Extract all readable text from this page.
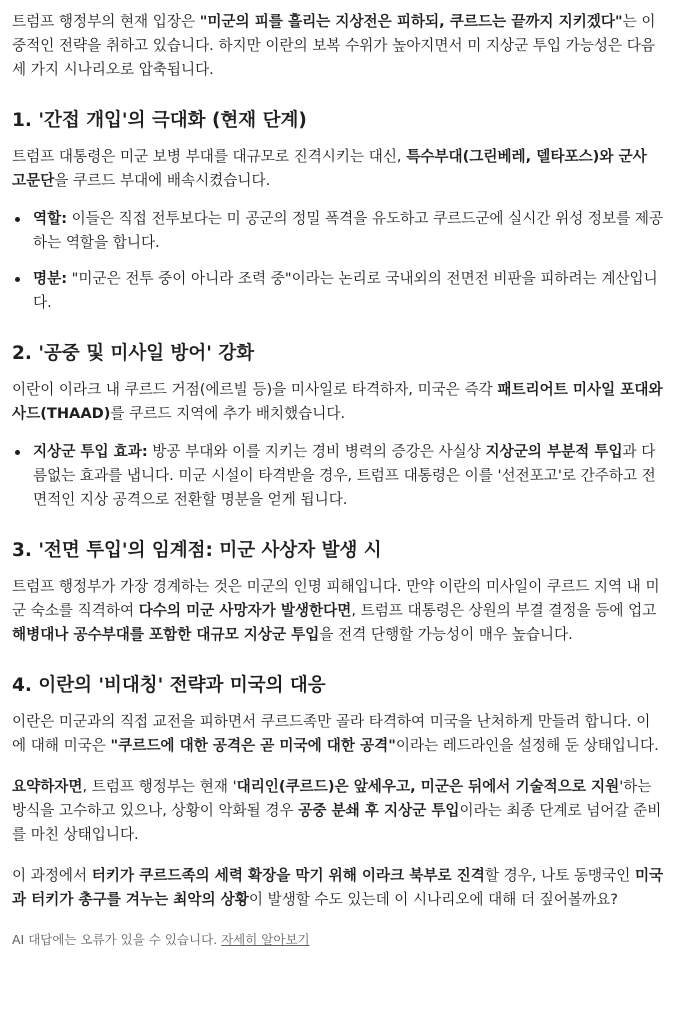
트럼프 행정부의 현재 입장은 "미군의 피를 흘리는 지상전은 피하되, 쿠르드는 끝까지 지키겠다"는 이중적인 전략을 취하고 있습니다. 하지만 이란의 보복 수위가 높아지면서 미 지상군 투입 가능성은 다음 세 가지 시나리오로 압축됩니다.

1. '간접 개입'의 극대화 (현재 단계)

트럼프 대통령은 미군 보병 부대를 대규모로 진격시키는 대신, 특수부대(그린베레, 델타포스)와 군사 고문단을 쿠르드 부대에 배속시켰습니다.

역할: 이들은 직접 전투보다는 미 공군의 정밀 폭격을 유도하고 쿠르드군에 실시간 위성 정보를 제공하는 역할을 합니다.
명분: "미군은 전투 중이 아니라 조력 중"이라는 논리로 국내외의 전면전 비판을 피하려는 계산입니다.
2. '공중 및 미사일 방어' 강화

이란이 이라크 내 쿠르드 거점(에르빌 등)을 미사일로 타격하자, 미국은 즉각 패트리어트 미사일 포대와 사드(THAAD)를 쿠르드 지역에 추가 배치했습니다.

지상군 투입 효과: 방공 부대와 이를 지키는 경비 병력의 증강은 사실상 지상군의 부분적 투입과 다름없는 효과를 냅니다. 미군 시설이 타격받을 경우, 트럼프 대통령은 이를 '선전포고'로 간주하고 전면적인 지상 공격으로 전환할 명분을 얻게 됩니다.
3. '전면 투입'의 임계점: 미군 사상자 발생 시

트럼프 행정부가 가장 경계하는 것은 미군의 인명 피해입니다. 만약 이란의 미사일이 쿠르드 지역 내 미군 숙소를 직격하여 다수의 미군 사망자가 발생한다면, 트럼프 대통령은 상원의 부결 결정을 등에 업고 해병대나 공수부대를 포함한 대규모 지상군 투입을 전격 단행할 가능성이 매우 높습니다.

4. 이란의 '비대칭' 전략과 미국의 대응

이란은 미군과의 직접 교전을 피하면서 쿠르드족만 골라 타격하여 미국을 난처하게 만들려 합니다. 이에 대해 미국은 "쿠르드에 대한 공격은 곧 미국에 대한 공격"이라는 레드라인을 설정해 둔 상태입니다.

요약하자면, 트럼프 행정부는 현재 '대리인(쿠르드)은 앞세우고, 미군은 뒤에서 기술적으로 지원'하는 방식을 고수하고 있으나, 상황이 악화될 경우 공중 분쇄 후 지상군 투입이라는 최종 단계로 넘어갈 준비를 마친 상태입니다.

이 과정에서 터키가 쿠르드족의 세력 확장을 막기 위해 이라크 북부로 진격할 경우, 나토 동맹국인 미국과 터키가 총구를 겨누는 최악의 상황이 발생할 수도 있는데 이 시나리오에 대해 더 짚어볼까요?

AI 대답에는 오류가 있을 수 있습니다. 자세히 알아보기
